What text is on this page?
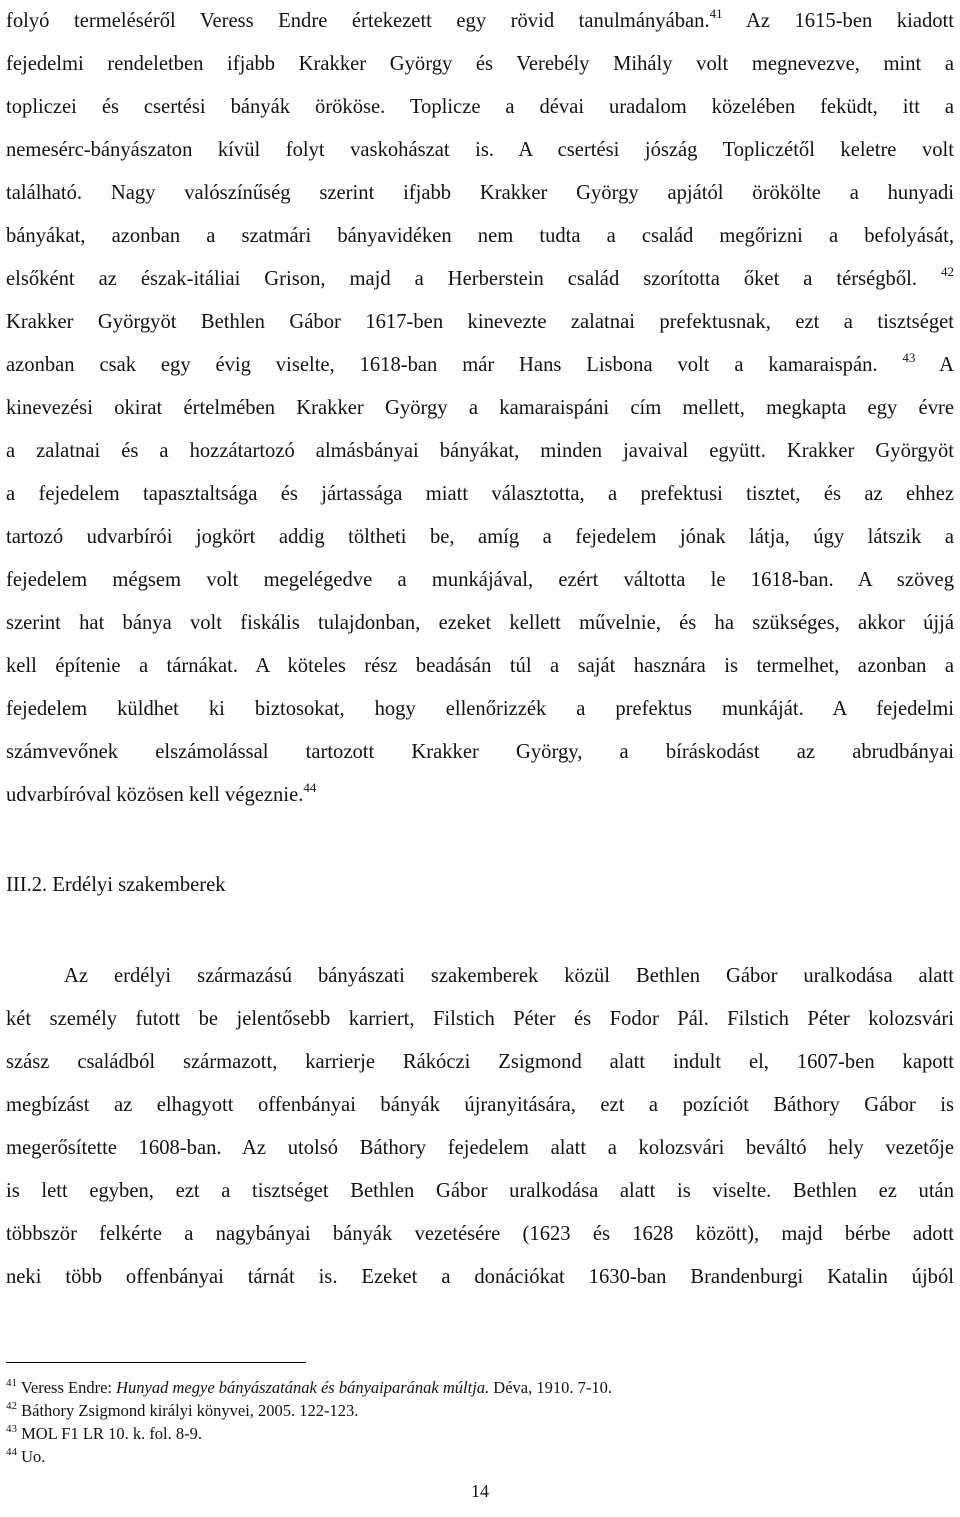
folyó termeléséről Veress Endre értekezett egy rövid tanulmányában.$^{41}$ Az 1615-ben kiadott
fejedelmi rendeletben ifjabb Krakker György és Verebély Mihály volt megnevezve, mint a
topliczei és csertési bányák örököse. Toplicze a dévai uradalom közelében feküdt, itt a
nemesérc-bányászaton kívül folyt vaskohászat is. A csertési jószág Topliczétől keletre volt
található. Nagy valószínűség szerint ifjabb Krakker György apjától örökölte a hunyadi
bányákat, azonban a szatmári bányavidéken nem tudta a család megőrizni a befolyását,
elsőként az észak-itáliai Grison, majd a Herberstein család szorította őket a térségből. $^{42}$
Krakker Györgyöt Bethlen Gábor 1617-ben kinevezte zalatnai prefektusnak, ezt a tisztséget
azonban csak egy évig viselte, 1618-ban már Hans Lisbona volt a kamaraispán. $^{43}$ A
kinevezési okirat értelmében Krakker György a kamaraispáni cím mellett, megkapta egy évre
a zalatnai és a hozzátartozó almásbányai bányákat, minden javaival együtt. Krakker Györgyöt
a fejedelem tapasztaltsága és jártassága miatt választotta, a prefektusi tisztet, és az ehhez
tartozó udvarbírói jogkört addig töltheti be, amíg a fejedelem jónak látja, úgy látszik a
fejedelem mégsem volt megelégedve a munkájával, ezért váltotta le 1618-ban. A szöveg
szerint hat bánya volt fiskális tulajdonban, ezeket kellett művelnie, és ha szükséges, akkor újjá
kell építenie a tárnákat. A köteles rész beadásán túl a saját hasznára is termelhet, azonban a
fejedelem küldhet ki biztosokat, hogy ellenőrizzék a prefektus munkáját. A fejedelmi
számvevőnek elszámolással tartozott Krakker György, a bíráskodást az abrudbányai
udvarbíróval közösen kell végeznie.$^{44}$
III.2. Erdélyi szakemberek
Az erdélyi származású bányászati szakemberek közül Bethlen Gábor uralkodása alatt
két személy futott be jelentősebb karriert, Filstich Péter és Fodor Pál. Filstich Péter kolozsvári
szász családból származott, karrierje Rákóczi Zsigmond alatt indult el, 1607-ben kapott
megbízást az elhagyott offenbányai bányák újranyitására, ezt a pozíciót Báthory Gábor is
megerősítette 1608-ban. Az utolsó Báthory fejedelem alatt a kolozsvári beváltó hely vezetője
is lett egyben, ezt a tisztséget Bethlen Gábor uralkodása alatt is viselte. Bethlen ez után
többször felkérte a nagybányai bányák vezetésére (1623 és 1628 között), majd bérbe adott
neki több offenbányai tárnát is. Ezeket a donációkat 1630-ban Brandenburgi Katalin újból

$^{41}$ Veress Endre: Hunyad megye bányászatának és bányaiparának múltja. Déva, 1910. 7-10.

$^{42}$ Báthory Zsigmond királyi könyvei, 2005. 122-123.

$^{43}$ MOL F1 LR 10. k. fol. 8-9.

$^{44}$ Uo.

14
